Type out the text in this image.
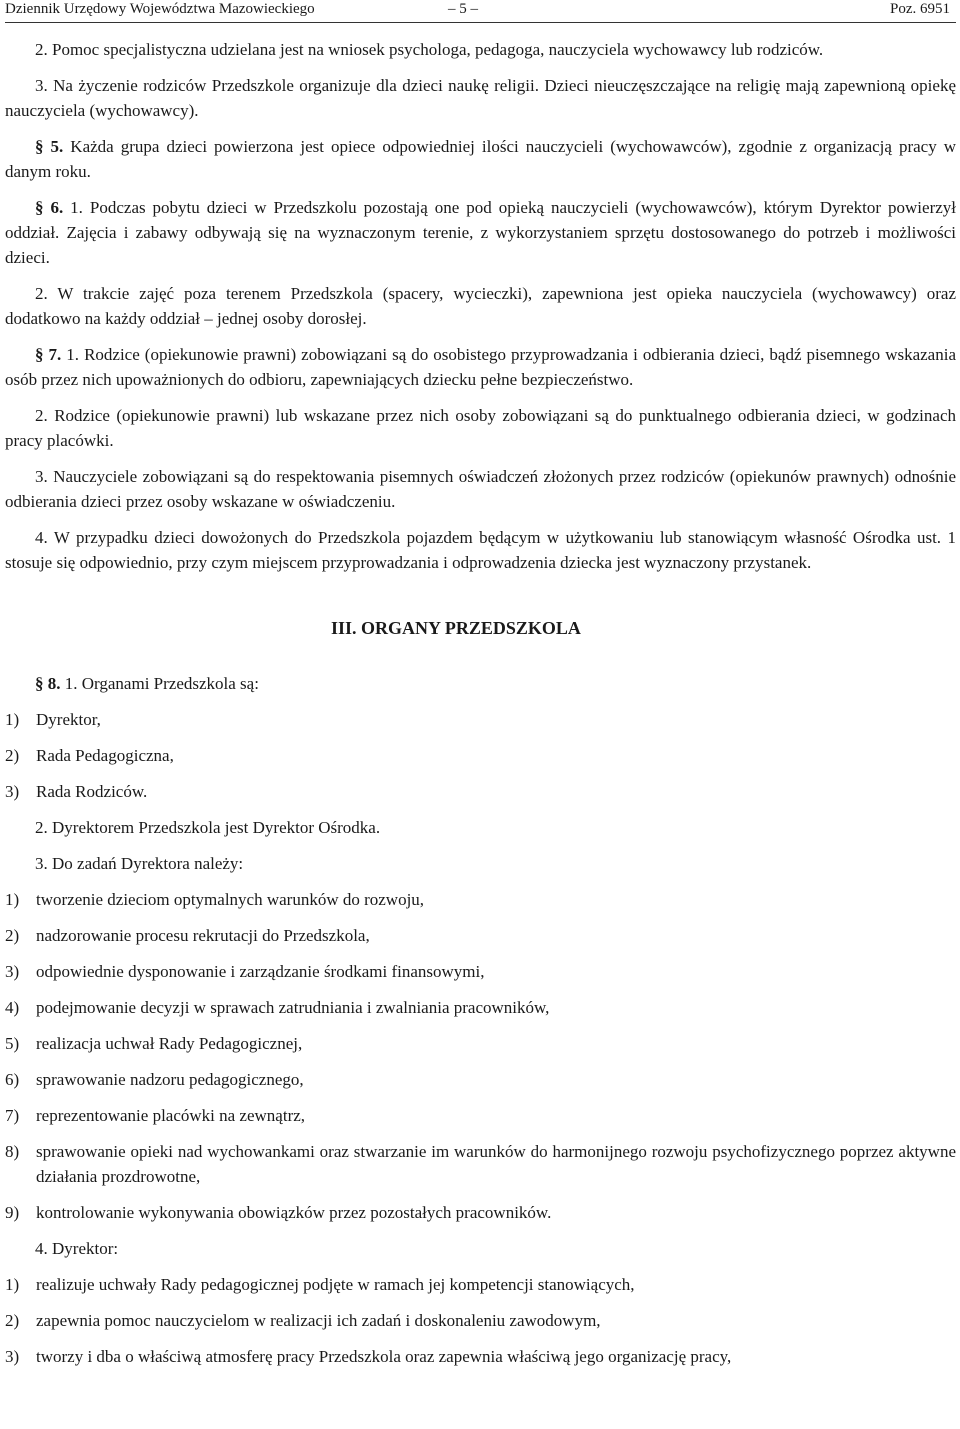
Dziennik Urzędowy Województwa Mazowieckiego	– 5 –	Poz. 6951

2. Pomoc specjalistyczna udzielana jest na wniosek psychologa, pedagoga, nauczyciela wychowawcy lub rodziców.

3. Na życzenie rodziców Przedszkole organizuje dla dzieci naukę religii. Dzieci nieuczęszczające na religię mają zapewnioną opiekę nauczyciela (wychowawcy).

§ 5. Każda grupa dzieci powierzona jest opiece odpowiedniej ilości nauczycieli (wychowawców), zgodnie z organizacją pracy w danym roku.

§ 6. 1. Podczas pobytu dzieci w Przedszkolu pozostają one pod opieką nauczycieli (wychowawców), którym Dyrektor powierzył oddział. Zajęcia i zabawy odbywają się na wyznaczonym terenie, z wykorzystaniem sprzętu dostosowanego do potrzeb i możliwości dzieci.

2. W trakcie zajęć poza terenem Przedszkola (spacery, wycieczki), zapewniona jest opieka nauczyciela (wychowawcy) oraz dodatkowo na każdy oddział – jednej osoby dorosłej.

§ 7. 1. Rodzice (opiekunowie prawni) zobowiązani są do osobistego przyprowadzania i odbierania dzieci, bądź pisemnego wskazania osób przez nich upoważnionych do odbioru, zapewniających dziecku pełne bezpieczeństwo.

2. Rodzice (opiekunowie prawni) lub wskazane przez nich osoby zobowiązani są do punktualnego odbierania dzieci, w godzinach pracy placówki.

3. Nauczyciele zobowiązani są do respektowania pisemnych oświadczeń złożonych przez rodziców (opiekunów prawnych) odnośnie odbierania dzieci przez osoby wskazane w oświadczeniu.

4. W przypadku dzieci dowożonych do Przedszkola pojazdem będącym w użytkowaniu lub stanowiącym własność Ośrodka ust. 1 stosuje się odpowiednio, przy czym miejscem przyprowadzania i odprowadzenia dziecka jest wyznaczony przystanek.

III. ORGANY PRZEDSZKOLA

§ 8. 1. Organami Przedszkola są:

1) Dyrektor,
2) Rada Pedagogiczna,
3) Rada Rodziców.

2. Dyrektorem Przedszkola jest Dyrektor Ośrodka.

3. Do zadań Dyrektora należy:

1) tworzenie dzieciom optymalnych warunków do rozwoju,
2) nadzorowanie procesu rekrutacji do Przedszkola,
3) odpowiednie dysponowanie i zarządzanie środkami finansowymi,
4) podejmowanie decyzji w sprawach zatrudniania i zwalniania pracowników,
5) realizacja uchwał Rady Pedagogicznej,
6) sprawowanie nadzoru pedagogicznego,
7) reprezentowanie placówki na zewnątrz,
8) sprawowanie opieki nad wychowankami oraz stwarzanie im warunków do harmonijnego rozwoju psychofizycznego poprzez aktywne działania prozdrowotne,
9) kontrolowanie wykonywania obowiązków przez pozostałych pracowników.

4. Dyrektor:

1) realizuje uchwały Rady pedagogicznej podjęte w ramach jej kompetencji stanowiących,
2) zapewnia pomoc nauczycielom w realizacji ich zadań i doskonaleniu zawodowym,
3) tworzy i dba o właściwą atmosferę pracy Przedszkola oraz zapewnia właściwą jego organizację pracy,
